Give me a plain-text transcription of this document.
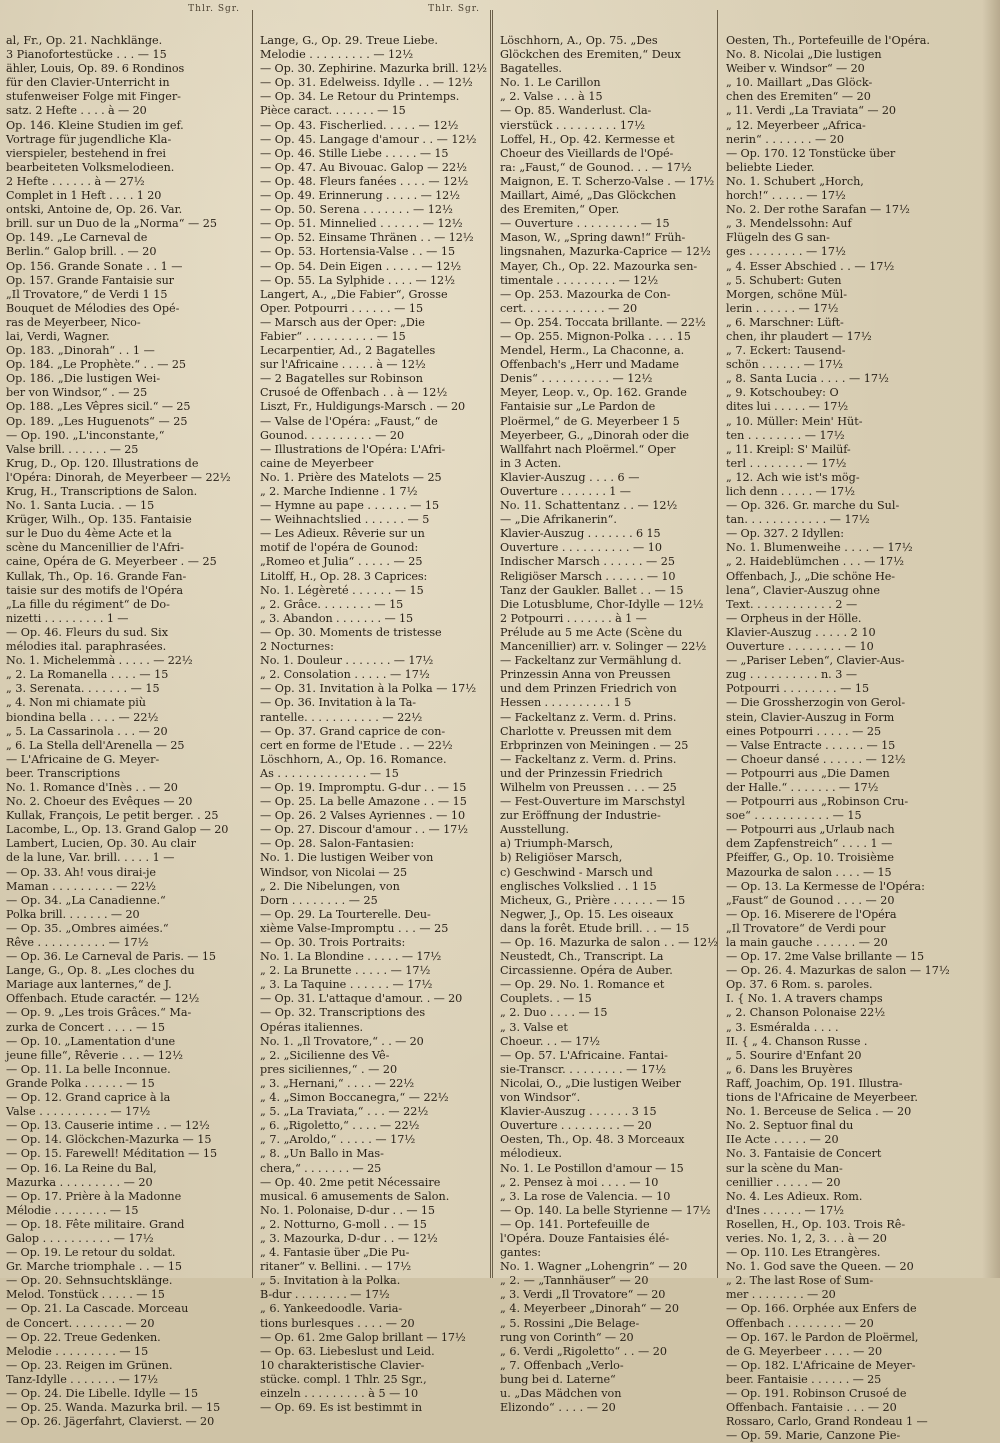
Thlr. Sgr.
al, Fr., Op. 21. Nachklänge.
3 Pianofortestücke . . . — 15
ähler, Louis, Op. 89. 6 Rondinos
für den Clavier-Unterricht in
stufenweiser Folge mit Finger-
satz. 2 Hefte . . . . à — 20
Op. 146. Kleine Studien im gef.
Vortrage für jugendliche Kla-
vierspieler, bestehend in frei
bearbeiteten Volksmelodieen.
2 Hefte . . . . . . à — 27½
Complet in 1 Heft . . . . 1 20
ontski, Antoine de, Op. 26. Var.
brill. sur un Duo de la „Norma“ — 25
Op. 149. „Le Carneval de
Berlin.“ Galop brill. . — 20
Op. 156. Grande Sonate . . 1 —
Op. 157. Grande Fantaisie sur
„Il Trovatore,“ de Verdi 1 15
Bouquet de Mélodies des Opé-
ras de Meyerbeer, Nico-
lai, Verdi, Wagner.
Op. 183. „Dinorah“ . . 1 —
Op. 184. „Le Prophète.“ . . — 25
Op. 186. „Die lustigen Wei-
ber von Windsor,“ . — 25
Op. 188. „Les Vêpres sicil.“ — 25
Op. 189. „Les Huguenots“ — 25
— Op. 190. „L'inconstante,“
Valse brill. . . . . . . — 25
Krug, D., Op. 120. Illustrations de
l'Opéra: Dinorah, de Meyerbeer — 22½
Krug, H., Transcriptions de Salon.
No. 1. Santa Lucia. . — 15
Krüger, Wilh., Op. 135. Fantaisie
sur le Duo du 4ème Acte et la
scène du Mancenillier de l'Afri-
caine, Opéra de G. Meyerbeer . — 25
Kullak, Th., Op. 16. Grande Fan-
taisie sur des motifs de l'Opéra
„La fille du régiment“ de Do-
nizetti . . . . . . . . . 1 —
— Op. 46. Fleurs du sud. Six
mélodies ital. paraphrasées.
No. 1. Michelemmà . . . . . — 22½
„ 2. La Romanella . . . . — 15
„ 3. Serenata. . . . . . . — 15
„ 4. Non mi chiamate più
biondina bella . . . . — 22½
„ 5. La Cassarinola . . . — 20
„ 6. La Stella dell'Arenella — 25
— L'Africaine de G. Meyer-
beer. Transcriptions
No. 1. Romance d'Inès . . — 20
No. 2. Choeur des Evêques — 20
Kullak, François, Le petit berger. . 25
Lacombe, L., Op. 13. Grand Galop — 20
Lambert, Lucien, Op. 30. Au clair
de la lune, Var. brill. . . . . 1 —
— Op. 33. Ah! vous dirai-je
Maman . . . . . . . . . — 22½
— Op. 34. „La Canadienne.“
Polka brill. . . . . . . — 20
— Op. 35. „Ombres aimées.“
Rêve . . . . . . . . . . — 17½
— Op. 36. Le Carneval de Paris. — 15
Lange, G., Op. 8. „Les cloches du
Mariage aux lanternes,“ de J.
Offenbach. Etude caractér. — 12½
— Op. 9. „Les trois Grâces.“ Ma-
zurka de Concert . . . . — 15
— Op. 10. „Lamentation d'une
jeune fille“, Rêverie . . . — 12½
— Op. 11. La belle Inconnue.
Grande Polka . . . . . . — 15
— Op. 12. Grand caprice à la
Valse . . . . . . . . . . — 17½
— Op. 13. Causerie intime . . — 12½
— Op. 14. Glöckchen-Mazurka — 15
— Op. 15. Farewell! Méditation — 15
— Op. 16. La Reine du Bal,
Mazurka . . . . . . . . . — 20
— Op. 17. Prière à la Madonne
Mélodie . . . . . . . . — 15
— Op. 18. Fête militaire. Grand
Galop . . . . . . . . . . — 17½
— Op. 19. Le retour du soldat.
Gr. Marche triomphale . . — 15
— Op. 20. Sehnsuchtsklänge.
Melod. Tonstück . . . . . — 15
— Op. 21. La Cascade. Morceau
de Concert. . . . . . . . — 20
— Op. 22. Treue Gedenken.
Melodie . . . . . . . . . — 15
— Op. 23. Reigen im Grünen.
Tanz-Idylle . . . . . . . — 17½
— Op. 24. Die Libelle. Idylle — 15
— Op. 25. Wanda. Mazurka bril. — 15
— Op. 26. Jägerfahrt, Clavierst. — 20
Thlr. Sgr.
Lange, G., Op. 29. Treue Liebe.
Melodie . . . . . . . . . — 12½
— Op. 30. Zephirine. Mazurka brill. 12½
— Op. 31. Edelweiss. Idylle . . — 12½
— Op. 34. Le Retour du Printemps.
Pièce caract. . . . . . . — 15
— Op. 43. Fischerlied. . . . . — 12½
— Op. 45. Langage d'amour . . — 12½
— Op. 46. Stille Liebe . . . . . — 15
— Op. 47. Au Bivouac. Galop — 22½
— Op. 48. Fleurs fanées . . . . — 12½
— Op. 49. Erinnerung . . . . . — 12½
— Op. 50. Serena . . . . . . . — 12½
— Op. 51. Minnelied . . . . . . — 12½
— Op. 52. Einsame Thränen . . — 12½
— Op. 53. Hortensia-Valse . . — 15
— Op. 54. Dein Eigen . . . . . — 12½
— Op. 55. La Sylphide . . . . — 12½
Langert, A., „Die Fabier“, Grosse
Oper. Potpourri . . . . . . — 15
— Marsch aus der Oper: „Die
Fabier“ . . . . . . . . . . — 15
Lecarpentier, Ad., 2 Bagatelles
sur l'Africaine . . . . . à — 12½
— 2 Bagatelles sur Robinson
Crusoé de Offenbach . . à — 12½
Liszt, Fr., Huldigungs-Marsch . — 20
— Valse de l'Opéra: „Faust,“ de
Gounod. . . . . . . . . . — 20
— Illustrations de l'Opéra: L'Afri-
caine de Meyerbeer
No. 1. Prière des Matelots — 25
„ 2. Marche Indienne . 1 7½
— Hymne au pape . . . . . . — 15
— Weihnachtslied . . . . . . — 5
— Les Adieux. Rêverie sur un
motif de l'opéra de Gounod:
„Romeo et Julia“ . . . . . — 25
Litolff, H., Op. 28. 3 Caprices:
No. 1. Légèreté . . . . . . — 15
„ 2. Grâce. . . . . . . . — 15
„ 3. Abandon . . . . . . . — 15
— Op. 30. Moments de tristesse
2 Nocturnes:
No. 1. Douleur . . . . . . . — 17½
„ 2. Consolation . . . . . — 17½
— Op. 31. Invitation à la Polka — 17½
— Op. 36. Invitation à la Ta-
rantelle. . . . . . . . . . . — 22½
— Op. 37. Grand caprice de con-
cert en forme de l'Etude . . — 22½
Löschhorn, A., Op. 16. Romance.
As . . . . . . . . . . . . . — 15
— Op. 19. Impromptu. G-dur . . — 15
— Op. 25. La belle Amazone . . — 15
— Op. 26. 2 Valses Ayriennes . — 10
— Op. 27. Discour d'amour . . — 17½
— Op. 28. Salon-Fantasien:
No. 1. Die lustigen Weiber von
Windsor, von Nicolai — 25
„ 2. Die Nibelungen, von
Dorn . . . . . . . . — 25
— Op. 29. La Tourterelle. Deu-
xième Valse-Impromptu . . . — 25
— Op. 30. Trois Portraits:
No. 1. La Blondine . . . . . — 17½
„ 2. La Brunette . . . . . — 17½
„ 3. La Taquine . . . . . . — 17½
— Op. 31. L'attaque d'amour. . — 20
— Op. 32. Transcriptions des
Opéras italiennes.
No. 1. „Il Trovatore,“ . . — 20
„ 2. „Sicilienne des Vê-
pres siciliennes,“ . — 20
„ 3. „Hernani,“ . . . . — 22½
„ 4. „Simon Boccanegra,“ — 22½
„ 5. „La Traviata,“ . . . — 22½
„ 6. „Rigoletto,“ . . . . — 22½
„ 7. „Aroldo,“ . . . . . — 17½
„ 8. „Un Ballo in Mas-
chera,“ . . . . . . . — 25
— Op. 40. 2me petit Nécessaire
musical. 6 amusements de Salon.
No. 1. Polonaise, D-dur . . — 15
„ 2. Notturno, G-moll . . — 15
„ 3. Mazourka, D-dur . . — 12½
„ 4. Fantasie über „Die Pu-
ritaner“ v. Bellini. . — 17½
„ 5. Invitation à la Polka.
B-dur . . . . . . . . — 17½
„ 6. Yankeedoodle. Varia-
tions burlesques . . . . — 20
— Op. 61. 2me Galop brillant — 17½
— Op. 63. Liebeslust und Leid.
10 charakteristische Clavier-
stücke. compl. 1 Thlr. 25 Sgr.,
einzeln . . . . . . . . . à 5 — 10
— Op. 69. Es ist bestimmt in
Löschhorn, A., Op. 75. „Des
Glöckchen des Eremiten,“ Deux
Bagatelles.
No. 1. Le Carillon
„ 2. Valse . . . à 15
— Op. 85. Wanderlust. Cla-
vierstück . . . . . . . . . 17½
Loffel, H., Op. 42. Kermesse et
Choeur des Vieillards de l'Opé-
ra: „Faust,“ de Gounod. . . — 17½
Maignon, E. T. Scherzo-Valse . — 17½
Maillart, Aimé, „Das Glöckchen
des Eremiten,“ Oper.
— Ouverture . . . . . . . . . — 15
Mason, W., „Spring dawn!“ Früh-
lingsnahen, Mazurka-Caprice — 12½
Mayer, Ch., Op. 22. Mazourka sen-
timentale . . . . . . . . . — 12½
— Op. 253. Mazourka de Con-
cert. . . . . . . . . . . . — 20
— Op. 254. Toccata brillante. — 22½
— Op. 255. Mignon-Polka . . . . 15
Mendel, Herm., La Chaconne, a.
Offenbach's „Herr und Madame
Denis“ . . . . . . . . . . — 12½
Meyer, Leop. v., Op. 162. Grande
Fantaisie sur „Le Pardon de
Ploërmel,“ de G. Meyerbeer 1 5
Meyerbeer, G., „Dinorah oder die
Wallfahrt nach Ploërmel.“ Oper
in 3 Acten.
Klavier-Auszug . . . . 6 —
Ouverture . . . . . . . 1 —
No. 11. Schattentanz . . — 12½
— „Die Afrikanerin“.
Klavier-Auszug . . . . . . . 6 15
Ouverture . . . . . . . . . . — 10
Indischer Marsch . . . . . . — 25
Religiöser Marsch . . . . . . — 10
Tanz der Gaukler. Ballet . . — 15
Die Lotusblume, Chor-Idylle — 12½
2 Potpourri . . . . . . . à 1 —
Prélude au 5 me Acte (Scène du
Mancenillier) arr. v. Solinger — 22½
— Fackeltanz zur Vermählung d.
Prinzessin Anna von Preussen
und dem Prinzen Friedrich von
Hessen . . . . . . . . . . 1 5
— Fackeltanz z. Verm. d. Prins.
Charlotte v. Preussen mit dem
Erbprinzen von Meiningen . — 25
— Fackeltanz z. Verm. d. Prins.
und der Prinzessin Friedrich
Wilhelm von Preussen . . . — 25
— Fest-Ouverture im Marschstyl
zur Eröffnung der Industrie-
Ausstellung.
a) Triumph-Marsch,
b) Religiöser Marsch,
c) Geschwind - Marsch und
englisches Volkslied . . 1 15
Micheux, G., Prière . . . . . . — 15
Negwer, J., Op. 15. Les oiseaux
dans la forêt. Etude brill. . . — 15
— Op. 16. Mazurka de salon . . — 12½
Neustedt, Ch., Transcript. La
Circassienne. Opéra de Auber.
— Op. 29. No. 1. Romance et
Couplets. . — 15
„ 2. Duo . . . . — 15
„ 3. Valse et
Choeur. . . — 17½
— Op. 57. L'Africaine. Fantai-
sie-Transcr. . . . . . . . . — 17½
Nicolai, O., „Die lustigen Weiber
von Windsor“.
Klavier-Auszug . . . . . . 3 15
Ouverture . . . . . . . . . — 20
Oesten, Th., Op. 48. 3 Morceaux
mélodieux.
No. 1. Le Postillon d'amour — 15
„ 2. Pensez à moi . . . . — 10
„ 3. La rose de Valencia. — 10
— Op. 140. La belle Styrienne — 17½
— Op. 141. Portefeuille de
l'Opéra. Douze Fantaisies élé-
gantes:
No. 1. Wagner „Lohengrin“ — 20
„ 2. — „Tannhäuser“ — 20
„ 3. Verdi „Il Trovatore“ — 20
„ 4. Meyerbeer „Dinorah“ — 20
„ 5. Rossini „Die Belage-
rung von Corinth“ — 20
„ 6. Verdi „Rigoletto“ . . — 20
„ 7. Offenbach „Verlo-
bung bei d. Laterne“
u. „Das Mädchen von
Elizondo“ . . . . — 20
Oesten, Th., Portefeuille de l'Opéra.
No. 8. Nicolai „Die lustigen
Weiber v. Windsor“ — 20
„ 10. Maillart „Das Glöck-
chen des Eremiten“ — 20
„ 11. Verdi „La Traviata“ — 20
„ 12. Meyerbeer „Africa-
nerin“ . . . . . . . — 20
— Op. 170. 12 Tonstücke über
beliebte Lieder.
No. 1. Schubert „Horch,
horch!“ . . . . . — 17½
No. 2. Der rothe Sarafan — 17½
„ 3. Mendelssohn: Auf
Flügeln des G san-
ges . . . . . . . . — 17½
„ 4. Esser Abschied . . — 17½
„ 5. Schubert: Guten
Morgen, schöne Mül-
lerin . . . . . . — 17½
„ 6. Marschner: Lüft-
chen, ihr plaudert — 17½
„ 7. Eckert: Tausend-
schön . . . . . . — 17½
„ 8. Santa Lucia . . . . — 17½
„ 9. Kotschoubey: O
dites lui . . . . . — 17½
„ 10. Müller: Mein' Hüt-
ten . . . . . . . . — 17½
„ 11. Kreipl: S' Mailüf-
terl . . . . . . . . — 17½
„ 12. Ach wie ist's mög-
lich denn . . . . . — 17½
— Op. 326. Gr. marche du Sul-
tan. . . . . . . . . . . . — 17½
— Op. 327. 2 Idyllen:
No. 1. Blumenweihe . . . . — 17½
„ 2. Haideblümchen . . . — 17½
Offenbach, J., „Die schöne He-
lena“, Clavier-Auszug ohne
Text. . . . . . . . . . . . 2 —
— Orpheus in der Hölle.
Klavier-Auszug . . . . . 2 10
Ouverture . . . . . . . . — 10
— „Pariser Leben“, Clavier-Aus-
zug . . . . . . . . . . n. 3 —
Potpourri . . . . . . . . — 15
— Die Grossherzogin von Gerol-
stein, Clavier-Auszug in Form
eines Potpourri . . . . . — 25
— Valse Entracte . . . . . . — 15
— Choeur dansé . . . . . . — 12½
— Potpourri aus „Die Damen
der Halle.“ . . . . . . . — 17½
— Potpourri aus „Robinson Cru-
soe“ . . . . . . . . . . . — 15
— Potpourri aus „Urlaub nach
dem Zapfenstreich“ . . . . 1 —
Pfeiffer, G., Op. 10. Troisième
Mazourka de salon . . . . — 15
— Op. 13. La Kermesse de l'Opéra:
„Faust“ de Gounod . . . . — 20
— Op. 16. Miserere de l'Opéra
„Il Trovatore“ de Verdi pour
la main gauche . . . . . . — 20
— Op. 17. 2me Valse brillante — 15
— Op. 26. 4. Mazurkas de salon — 17½
Op. 37. 6 Rom. s. paroles.
I. { No. 1. A travers champs
„ 2. Chanson Polonaise 22½
„ 3. Esméralda . . . .
II. { „ 4. Chanson Russe .
„ 5. Sourire d'Enfant 20
„ 6. Dans les Bruyères
Raff, Joachim, Op. 191. Illustra-
tions de l'Africaine de Meyerbeer.
No. 1. Berceuse de Selica . — 20
No. 2. Septuor final du
IIe Acte . . . . . — 20
No. 3. Fantaisie de Concert
sur la scène du Man-
cenillier . . . . . — 20
No. 4. Les Adieux. Rom.
d'Ines . . . . . . — 17½
Rosellen, H., Op. 103. Trois Rê-
veries. No. 1, 2, 3. . . à — 20
— Op. 110. Les Etrangères.
No. 1. God save the Queen. — 20
„ 2. The last Rose of Sum-
mer . . . . . . . . — 20
— Op. 166. Orphée aux Enfers de
Offenbach . . . . . . . . — 20
— Op. 167. le Pardon de Ploërmel,
de G. Meyerbeer . . . . — 20
— Op. 182. L'Africaine de Meyer-
beer. Fantaisie . . . . . . — 25
— Op. 191. Robinson Crusoé de
Offenbach. Fantaisie . . . — 20
Rossaro, Carlo, Grand Rondeau 1 —
— Op. 59. Marie, Canzone Pie-
